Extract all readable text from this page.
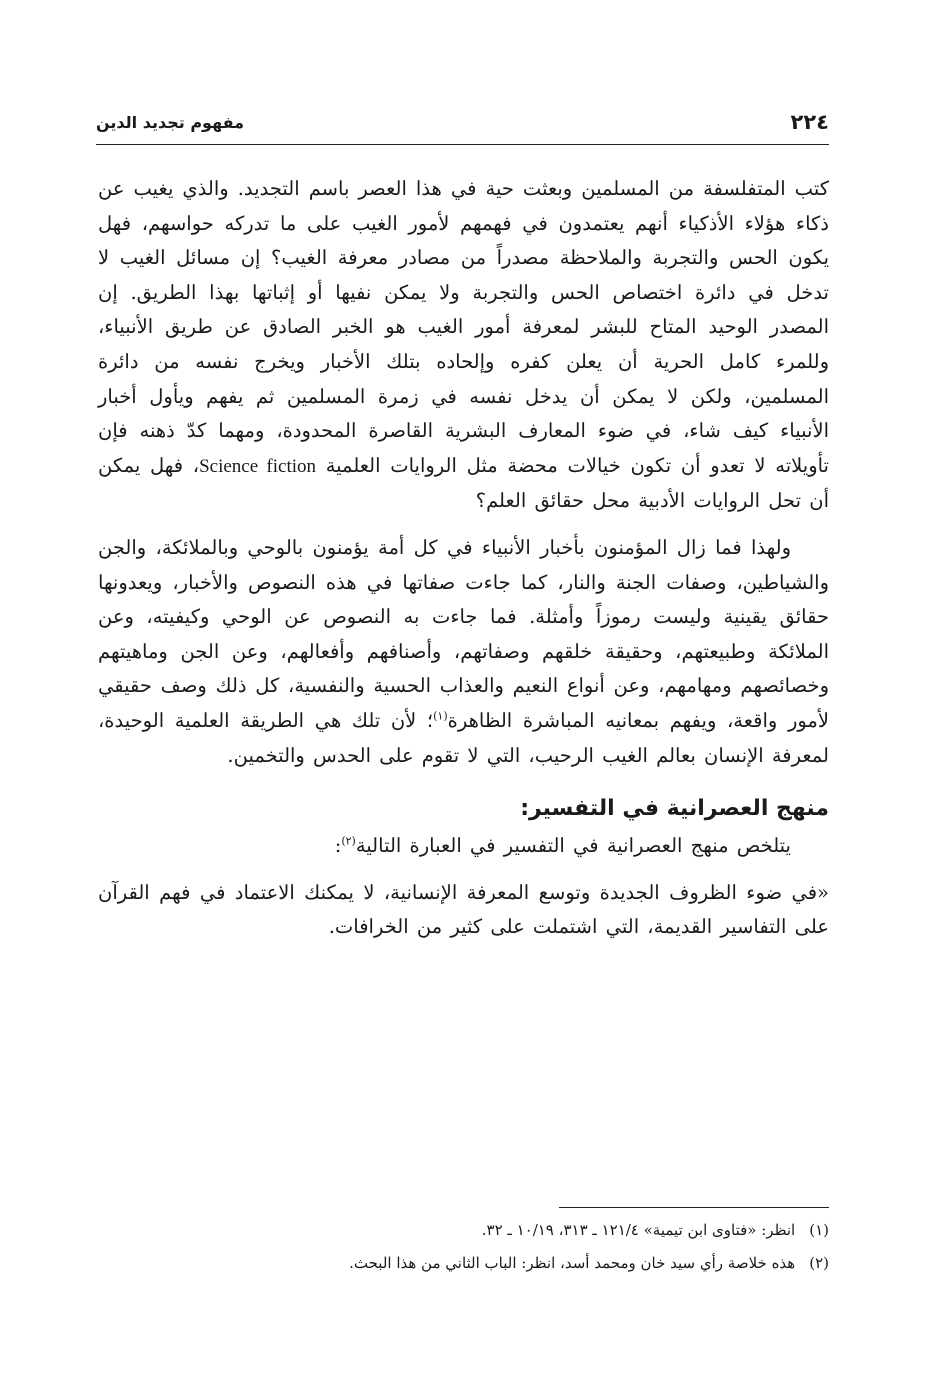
٢٢٤
مفهوم تجديد الدين

كتب المتفلسفة من المسلمين وبعثت حية في هذا العصر باسم التجديد. والذي يغيب عن ذكاء هؤلاء الأذكياء أنهم يعتمدون في فهمهم لأمور الغيب على ما تدركه حواسهم، فهل يكون الحس والتجربة والملاحظة مصدراً من مصادر معرفة الغيب؟ إن مسائل الغيب لا تدخل في دائرة اختصاص الحس والتجربة ولا يمكن نفيها أو إثباتها بهذا الطريق. إن المصدر الوحيد المتاح للبشر لمعرفة أمور الغيب هو الخبر الصادق عن طريق الأنبياء، وللمرء كامل الحرية أن يعلن كفره وإلحاده بتلك الأخبار ويخرج نفسه من دائرة المسلمين، ولكن لا يمكن أن يدخل نفسه في زمرة المسلمين ثم يفهم ويأول أخبار الأنبياء كيف شاء، في ضوء المعارف البشرية القاصرة المحدودة، ومهما كدّ ذهنه فإن تأويلاته لا تعدو أن تكون خيالات محضة مثل الروايات العلمية Science fiction، فهل يمكن أن تحل الروايات الأدبية محل حقائق العلم؟

ولهذا فما زال المؤمنون بأخبار الأنبياء في كل أمة يؤمنون بالوحي وبالملائكة، والجن والشياطين، وصفات الجنة والنار، كما جاءت صفاتها في هذه النصوص والأخبار، ويعدونها حقائق يقينية وليست رموزاً وأمثلة. فما جاءت به النصوص عن الوحي وكيفيته، وعن الملائكة وطبيعتهم، وحقيقة خلقهم وصفاتهم، وأصنافهم وأفعالهم، وعن الجن وماهيتهم وخصائصهم ومهامهم، وعن أنواع النعيم والعذاب الحسية والنفسية، كل ذلك وصف حقيقي لأمور واقعة، ويفهم بمعانيه المباشرة الظاهرة$^{(١)}$؛ لأن تلك هي الطريقة العلمية الوحيدة، لمعرفة الإنسان بعالم الغيب الرحيب، التي لا تقوم على الحدس والتخمين.

منهج العصرانية في التفسير:

يتلخص منهج العصرانية في التفسير في العبارة التالية$^{(٢)}$:

«في ضوء الظروف الجديدة وتوسع المعرفة الإنسانية، لا يمكنك الاعتماد في فهم القرآن على التفاسير القديمة، التي اشتملت على كثير من الخرافات.

(١)انظر: «فتاوى ابن تيمية» ١٢١/٤ ـ ٣١٣، ١٠/١٩ ـ ٣٢.

(٢)هذه خلاصة رأي سيد خان ومحمد أسد، انظر: الباب الثاني من هذا البحث.
